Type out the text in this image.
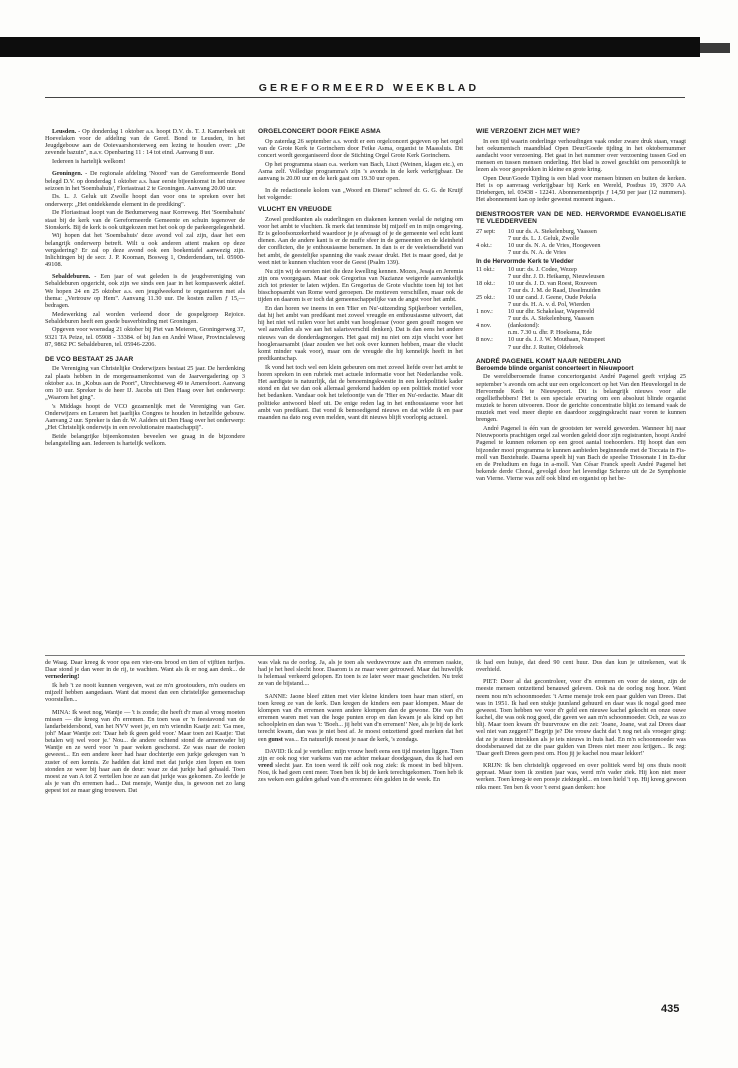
GEREFORMEERD WEEKBLAD

Leusden. - Op donderdag 1 oktober a.s. hoopt D.V. ds. T. J. Kamerbeek uit Hoevelaken voor de afdeling van de Geref. Bond te Leusden, in het Jeugdgebouw aan de Ooievaarshorsterweg een lezing te houden over: „De zevende bazuin", n.a.v. Openbaring 11 : 14 tot eind. Aanvang 8 uur.

Iedereen is hartelijk welkom!

Groningen. - De regionale afdeling 'Noord' van de Gereformeerde Bond belegd D.V. op donderdag 1 oktober a.s. haar eerste bijeenkomst in het nieuwe seizoen in het 'Soembahuis', Floriastraat 2 te Groningen. Aanvang 20.00 uur.

Ds. L. J. Geluk uit Zwolle hoopt dan voor ons te spreken over het onderwerp: „Het ontdekkende element in de prediking".

De Floriastraat loopt van de Bedumerweg naar Korreweg. Het 'Soembahuis' staat bij de kerk van de Gereformeerde Gemeente en schuin tegenover de Sionskerk. Bij de kerk is ook uitgekozen met het ook op de parkeergelegenheid.

Wij hopen dat het 'Soembahuis' deze avond vol zal zijn, daar het een belangrijk onderwerp betreft. Wilt u ook anderen attent maken op deze vergadering? Er zal op deze avond ook een boekentafel aanwezig zijn. Inlichtingen bij de secr. J. P. Kooman, Bosweg 1, Onderdendam, tel. 05900-49108.

Sebaldeburen. - Een jaar of wat geleden is de jeugdvereniging van Sebaldeburen opgericht, ook zijn we sinds een jaar in het kompaswerk aktief. We hopen 24 en 25 oktober a.s. een jeugdweekend te organiseren met als thema: „Vertrouw op Hem". Aanvang 11.30 uur. De kosten zullen ƒ 15,— bedragen.

Medewerking zal worden verleend door de gospelgroep Rejoice. Sebaldeburen heeft een goede busverbinding met Groningen.

Opgeven voor woensdag 21 oktober bij Piet van Meieren, Groningerweg 37, 9321 TA Peize, tel. 05908 - 33384. of bij Jan en André Wisse, Provincialeweg 87, 9862 PC Sebaldeburen, tel. 05946-2206.

DE VCO BESTAAT 25 JAAR

De Vereniging van Christelijke Onderwijzers bestaat 25 jaar. De herdenking zal plaats hebben in de morgensamenkomst van de Jaarvergadering op 3 oktober a.s. in „Kobus aan de Poort", Utrechtseweg 49 te Amersfoort. Aanvang om 10 uur. Spreker is de heer IJ. Jacobs uit Den Haag over het onderwerp: „Waarom het ging".

's Middags hoopt de VCO gezamenlijk met de Vereniging van Ger. Onderwijzers en Leraren het jaarlijks Congres te houden in hetzelfde gebouw. Aanvang 2 uur. Spreker is dan dr. W. Aalders uit Den Haag over het onderwerp: „Het Christelijk onderwijs in een revolutionaire maatschappij".

Beide belangrijke bijeenkomsten beveelen we graag in de bijzondere belangstelling aan. Iedereen is hartelijk welkom.

ORGELCONCERT DOOR FEIKE ASMA

Op zaterdag 26 september a.s. wordt er een orgelconcert gegeven op het orgel van de Grote Kerk te Gorinchem door Feike Asma, organist te Maassluis. Dit concert wordt georganiseerd door de Stichting Orgel Grote Kerk Gorinchem.

Op het programma staan o.a. werken van Bach, Liszt (Weinen, klagen etc.), en Asma zelf. Volledige programma's zijn 's avonds in de kerk verkrijgbaar. De aanvang is 20.00 uur en de kerk gaat om 19.30 uur open.

In de redactionele kolom van „Woord en Dienst" schreef dr. G. G. de Kruijf het volgende:

VLUCHT EN VREUGDE

Zowel predikanten als ouderlingen en diakenen kennen veelal de neiging om voor het ambt te vluchten. Ik merk dat tenminste bij mijzelf en in mijn omgeving. Er is geloofsonzekerheid waardoor je je afvraagt of je de gemeente wel echt kunt dienen. Aan de andere kant is er de muffe sfeer in de gemeenten en de kleinheid der conflicten, die je enthousiasme benemen. In dan is er de veeleisendheid van het ambt, de geestelijke spanning die vaak zwaar drukt. Het is maar goed, dat je weet niet te kunnen vluchten voor de Geest (Psalm 139).

Nu zijn wij de eersten niet die deze kwelling kennen. Mozes, Jesaja en Jeremia zijn ons voorgegaan. Maar ook Gregorius van Nazianze weigerde aanvankelijk zich tot priester te laten wijden. En Gregorius de Grote vluchtte toen hij tot het bisschopsambt van Rome werd geroepen. De motieven verschillen, maar ook de tijden en daarom is er toch dat gemeenschappelijke van de angst voor het ambt.

En dan horen we ineens in een 'Hier en Nu'-uitzending Spijkerboer vertellen, dat hij het ambt van predikant met zoveel vreugde en enthousiasme uitvoert, dat hij het niet wil ruilen voor het ambt van hoogleraar (voor geen goud! mogen we wel aanvullen als we aan het salarisverschil denken). Dat is dan eens het andere nieuws van de donderdagmorgen. Het gaat mij nu niet om zijn vlucht voor het hoogleraarsambt (daar zouden we het ook over kunnen hebben, maar die vlucht komt minder vaak voor), maar om de vreugde die hij kennelijk heeft in het predikantschap.

Ik vond het toch wel een klein gebeuren om met zoveel liefde over het ambt te horen spreken in een rubriek met actuele informatie voor het Nederlandse volk. Het aardigste is natuurlijk, dat de benoemingskwestie in een kerkpolitiek kader stond en dat we dan ook allemaal gerekend hadden op een politiek motief voor het bedanken. Vandaar ook het telefoontje van de 'Hier en Nu'-redactie. Maar dit politieke antwoord bleef uit. De enige reden lag in het enthousiasme voor het ambt van predikant. Dat vond ik bemoedigend nieuws en dat wilde ik en paar maanden na dato nog even melden, want dit nieuws blijft voorlopig actueel.

WIE VERZOENT ZICH MET WIE?

In een tijd waarin onderlinge verhoudingen vaak onder zware druk staan, vraagt het oekumenisch maandblad Open Deur/Goede tijding in het oktobernummer aandacht voor verzoening. Het gaat in het nummer over verzoening tussen God en mensen en tussen mensen onderling. Het blad is zowel geschikt om persoonlijk te lezen als voor gesprekken in kleine en grote kring.

Open Deur/Goede Tijding is een blad voor mensen binnen en buiten de kerken. Het is op aanvraag verkrijgbaar bij Kerk en Wereld, Postbus 19, 3970 AA Driebergen, tel. 03438 - 12241. Abonnementsprijs ƒ 14,50 per jaar (12 nummers). Het abonnement kan op ieder gewenst moment ingaan..

DIENSTROOSTER VAN DE NED. HERVORMDE EVANGELISATIE TE VLEDDERVEEN
27 sept:	10 uur ds. A. Stekelenburg, Vaassen
7 uur ds. L. J. Geluk, Zwolle
4 okt.:	10 uur ds. N. A. de Vries, Hoogeveen
7 uur ds. N. A. de Vries
In de Hervormde Kerk te Vledder
11 okt.:	10 uur: ds. J. Codee, Wezep
7 uur dhr. J. D. Heikamp, Nieuwleusen
18 okt.:	10 uur ds. J. D. van Roest, Rouveen
7 uur ds. J. M. de Raad, IJsselmuiden
25 okt.:	10 uur cand. J. Geene, Oude Pekela
7 uur ds. H. A. v. d. Pol, Wierden
1 nov.:	10 uur dhr. Schakelaar, Wapenveld
7 uur ds. A. Stekelenburg, Vaassen
4 nov.	(dankstond):
n.m. 7.30 u. dhr. P. Hoeksma, Ede
8 nov.:	10 uur ds. J. J. W. Mouthaan, Nunspeet
7 uur dhr. J. Ruiter, Oldebroek
ANDRÉ PAGENEL KOMT NAAR NEDERLAND
Beroemde blinde organist concerteert in Nieuwpoort

De wereldberoemde franse concertorganist André Pagenel geeft vrijdag 25 september 's avonds om acht uur een orgelconcert op het Van den Heuvelorgel in de Hervormde Kerk te Nieuwpoort. Dit is belangrijk nieuws voor alle orgelliefhebbers! Het is een speciale ervaring om een absoluut blinde organist muziek te horen uitvoeren. Door de gerichte concentratie blijkt zo iemand vaak de muziek met veel meer diepte en daardoor zeggingskracht naar voren te kunnen brengen.

André Pagenel is één van de grootsten ter wereld geworden. Wanneer hij naar Nieuwpoorts prachtigen orgel zal worden geleid door zijn registranten, hoopt André Pagenel te kunnen rekenen op een groot aantal toehoorders. Hij hoopt dan een bijzonder mooi programma te kunnen aanbieden beginnende met de Toccata in Fis-moll van Buxtehude. Daarna speelt hij van Bach de speelse Triosonate I in Es-dur en de Preludium en fuga in a-moll. Van César Franck speelt André Pagenel het bekende derde Choral, gevolgd door het levendige Scherzo uit de 2e Symphonie van Vierne. Vierne was zelf ook blind en organist op het be-

de Waag. Daar kreeg ik voor opa een vier-ons brood en tien of vijftien turfjes. Daar stond je dan weer in de rij, te wachten. Want als ik er nog aan denk... de vernedering!

Ik heb 't ze nooit kunnen vergeven, wat ze m'n grootouders, m'n ouders en mijzelf hebben aangedaan. Want dat moest dan een christelijke gemeenschap voorstellen...

MINA: Ik weet nog, Wantje — 't is zonde; die heeft d'r man al vroeg moeten missen — die kreeg van d'n erremen. En toen was er 'n feestavond van de landarbeidersbond, van het NVV weet je, en m'n vriendin Kaatje zei: 'Ga mee, joh!' Maar Wantje zei: 'Daar heb ik geen geld voor.' Maar toen zei Kaatje: 'Dat betalen wij wel voor je.' Nou... de andere ochtend stond de armenvader bij Wantje en ze werd voor 'n paar weken geschorst. Ze was naar de rooien geweest... En een andere keer had haar dochtertje een jurkje gekregen van 'n zuster of een kennis. Ze hadden dat kind met dat jurkje zien lopen en toen stonden ze weer bij haar aan de deur: waar ze dat jurkje had gehaald. Toen moest ze van A tot Z vertellen hoe ze aan dat jurkje was gekomen. Zo leefde je als je van d'n erremen had... Dat mensje, Wantje dus, is gewoon net zo lang gepest tot ze maar ging trouwen. Dat

was vlak na de oorlog. Ja, als je toen als weduwvrouw aan d'n erremen raakte, had je het heel slecht hoor. Daarom is ze maar weer getrouwd. Maar dat huwelijk is helemaal verkeerd gelopen. En toen is ze later weer maar gescheiden. Nu trekt ze van de bijstand....

SANNE: Jaone bleef zitten met vier kleine kinders toen haar man stierf, en toen kreeg ze van de kerk. Dan kregen de kinders een paar klompen. Maar de klompen van d'n erremen waren andere klompen dan de gewone. Die van d'n erremen waren met van die hoge punten erop en dan kwam je als kind op het schoolplein en dan was 't: 'Boeh... jij hebt van d'n erremen!' Nee, als je bij de kerk terecht kwam, dan was je niet best af. Je moest ontzettend goed merken dat het een gunst was... En natuurlijk moest je naar de kerk, 's zondags.

DAVID: Ik zal je vertellen: mijn vrouw heeft eens een tijd moeten liggen. Toen zijn er ook nog vier varkens van me achter mekaar doodgegaan, dus ik had een vreed slecht jaar. En toen werd ik zélf ook nog ziek: ik moest in bed blijven. Nou, ik had geen cent meer. Toen ben ik bij de kerk terechtgekomen. Toen heb ik zes weken een gulden gehad van d'n erremen: één gulden in de week. En

ik had een huisje, dat deed 90 cent huur. Dus dan kun je uitrekenen, wat ik overhield.

PIET: Door al dat gecontroleer, voor d'n erremen en voor de steun, zijn de meeste mensen ontzettend benauwd geleven. Ook na de oorlog nog hoor. Want neem nou m'n schoonmoeder. 't Arme mensje trok een paar gulden van Drees. Dat was in 1951. Ik had een stukje juunland gehuurd en daar was ik nogal goed mee geweest. Toen hebben we voor d'r geld een nieuwe kachel gekocht en onze ouwe kachel, die was ook nog goed, die gaven we aan m'n schoonmoeder. Och, ze was zo blij. Maar toen kwam d'r buurvrouw en die zei: 'Joane, Joane, wat zal Drees daar wel niet van zeggen!?' Begrijp je? Die vrouw dacht dat 't nog net als vroeger ging: dat ze je steun introkken als je iets nieuws in huis had. En m'n schoonmoeder was doodsbenauwd dat ze die paar gulden van Drees niet meer zou krijgen... Ik zeg: 'Daar geeft Drees geen pest om. Hou jij je kachel nou maar lekker!'

KRIJN: Ik ben christelijk opgevoed en over politiek werd bij ons thuis nooit gepraat. Maar toen ik zestien jaar was, werd m'n vader ziek. Hij kon niet meer werken. Toen kreeg-ie een poosje ziektegeld... en toen hield 't op. Hij kreeg gewoon niks meer. Ten ben ik voor 't eerst gaan denken: hoe

435
